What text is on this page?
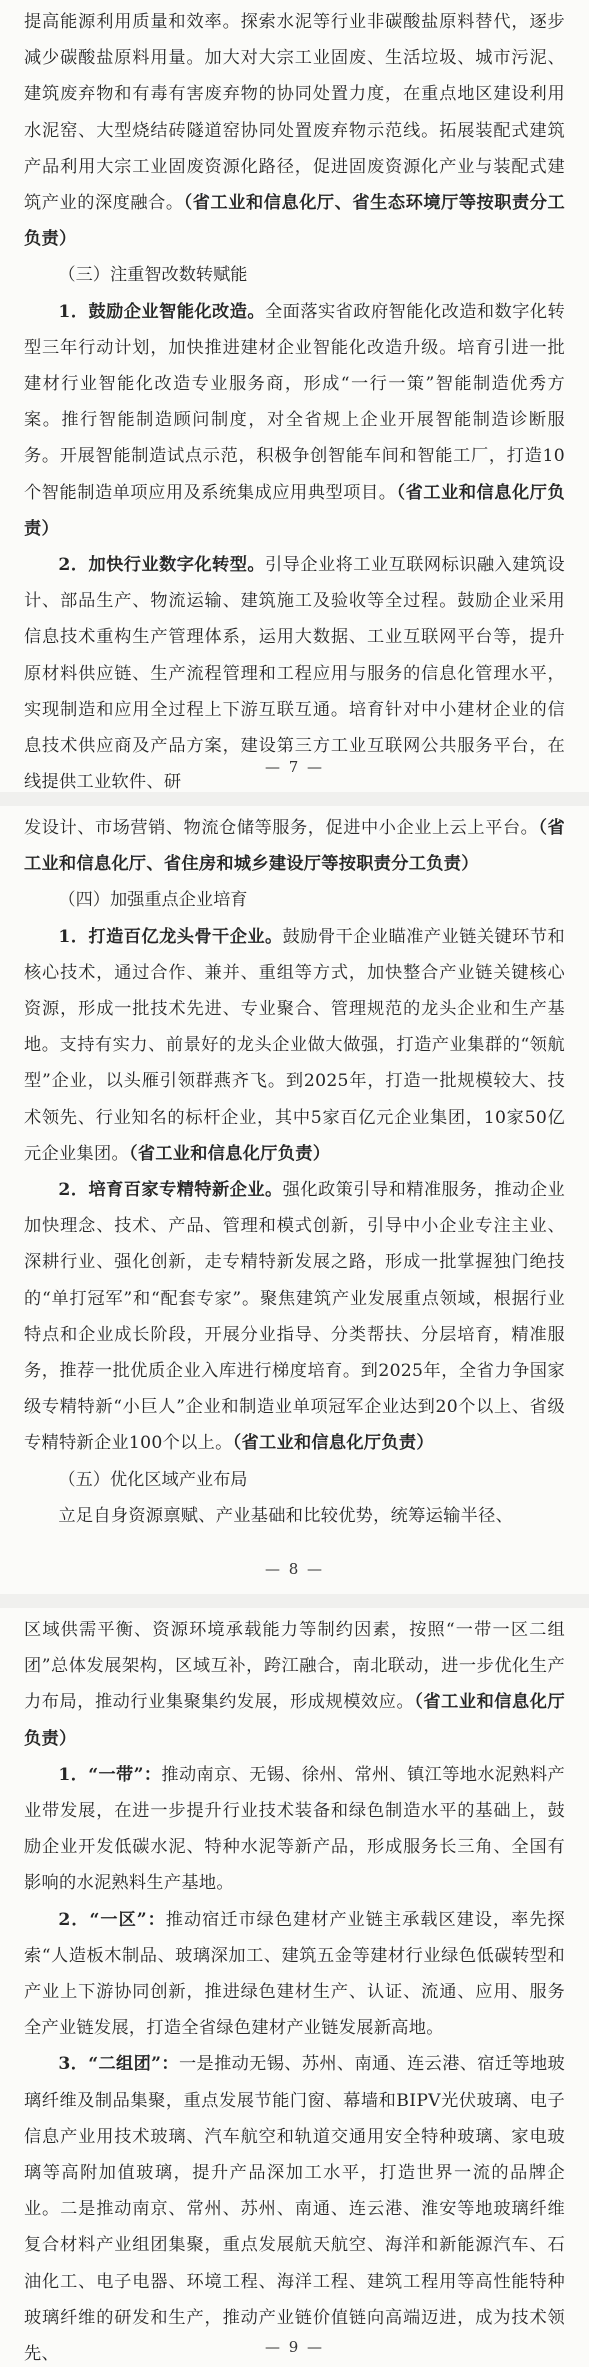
提高能源利用质量和效率。探索水泥等行业非碳酸盐原料替代，逐步减少碳酸盐原料用量。加大对大宗工业固废、生活垃圾、城市污泥、建筑废弃物和有毒有害废弃物的协同处置力度，在重点地区建设利用水泥窑、大型烧结砖隧道窑协同处置废弃物示范线。拓展装配式建筑产品利用大宗工业固废资源化路径，促进固废资源化产业与装配式建筑产业的深度融合。（省工业和信息化厅、省生态环境厅等按职责分工负责）

（三）注重智改数转赋能

1．鼓励企业智能化改造。全面落实省政府智能化改造和数字化转型三年行动计划，加快推进建材企业智能化改造升级。培育引进一批建材行业智能化改造专业服务商，形成“一行一策”智能制造优秀方案。推行智能制造顾问制度，对全省规上企业开展智能制造诊断服务。开展智能制造试点示范，积极争创智能车间和智能工厂，打造10个智能制造单项应用及系统集成应用典型项目。（省工业和信息化厅负责）

2．加快行业数字化转型。引导企业将工业互联网标识融入建筑设计、部品生产、物流运输、建筑施工及验收等全过程。鼓励企业采用信息技术重构生产管理体系，运用大数据、工业互联网平台等，提升原材料供应链、生产流程管理和工程应用与服务的信息化管理水平，实现制造和应用全过程上下游互联互通。培育针对中小建材企业的信息技术供应商及产品方案，建设第三方工业互联网公共服务平台，在线提供工业软件、研

— 7 —

发设计、市场营销、物流仓储等服务，促进中小企业上云上平台。（省工业和信息化厅、省住房和城乡建设厅等按职责分工负责）

（四）加强重点企业培育

1．打造百亿龙头骨干企业。鼓励骨干企业瞄准产业链关键环节和核心技术，通过合作、兼并、重组等方式，加快整合产业链关键核心资源，形成一批技术先进、专业聚合、管理规范的龙头企业和生产基地。支持有实力、前景好的龙头企业做大做强，打造产业集群的“领航型”企业，以头雁引领群燕齐飞。到2025年，打造一批规模较大、技术领先、行业知名的标杆企业，其中5家百亿元企业集团，10家50亿元企业集团。（省工业和信息化厅负责）

2．培育百家专精特新企业。强化政策引导和精准服务，推动企业加快理念、技术、产品、管理和模式创新，引导中小企业专注主业、深耕行业、强化创新，走专精特新发展之路，形成一批掌握独门绝技的“单打冠军”和“配套专家”。聚焦建筑产业发展重点领域，根据行业特点和企业成长阶段，开展分业指导、分类帮扶、分层培育，精准服务，推荐一批优质企业入库进行梯度培育。到2025年，全省力争国家级专精特新“小巨人”企业和制造业单项冠军企业达到20个以上、省级专精特新企业100个以上。（省工业和信息化厅负责）

（五）优化区域产业布局

立足自身资源禀赋、产业基础和比较优势，统筹运输半径、

— 8 —

区域供需平衡、资源环境承载能力等制约因素，按照“一带一区二组团”总体发展架构，区域互补，跨江融合，南北联动，进一步优化生产力布局，推动行业集聚集约发展，形成规模效应。（省工业和信息化厅负责）

1．“一带”：推动南京、无锡、徐州、常州、镇江等地水泥熟料产业带发展，在进一步提升行业技术装备和绿色制造水平的基础上，鼓励企业开发低碳水泥、特种水泥等新产品，形成服务长三角、全国有影响的水泥熟料生产基地。

2．“一区”：推动宿迁市绿色建材产业链主承载区建设，率先探索“人造板木制品、玻璃深加工、建筑五金等建材行业绿色低碳转型和产业上下游协同创新，推进绿色建材生产、认证、流通、应用、服务全产业链发展，打造全省绿色建材产业链发展新高地。

3．“二组团”：一是推动无锡、苏州、南通、连云港、宿迁等地玻璃纤维及制品集聚，重点发展节能门窗、幕墙和BIPV光伏玻璃、电子信息产业用技术玻璃、汽车航空和轨道交通用安全特种玻璃、家电玻璃等高附加值玻璃，提升产品深加工水平，打造世界一流的品牌企业。二是推动南京、常州、苏州、南通、连云港、淮安等地玻璃纤维复合材料产业组团集聚，重点发展航天航空、海洋和新能源汽车、石油化工、电子电器、环境工程、海洋工程、建筑工程用等高性能特种玻璃纤维的研发和生产，推动产业链价值链向高端迈进，成为技术领先、	— 9 —
